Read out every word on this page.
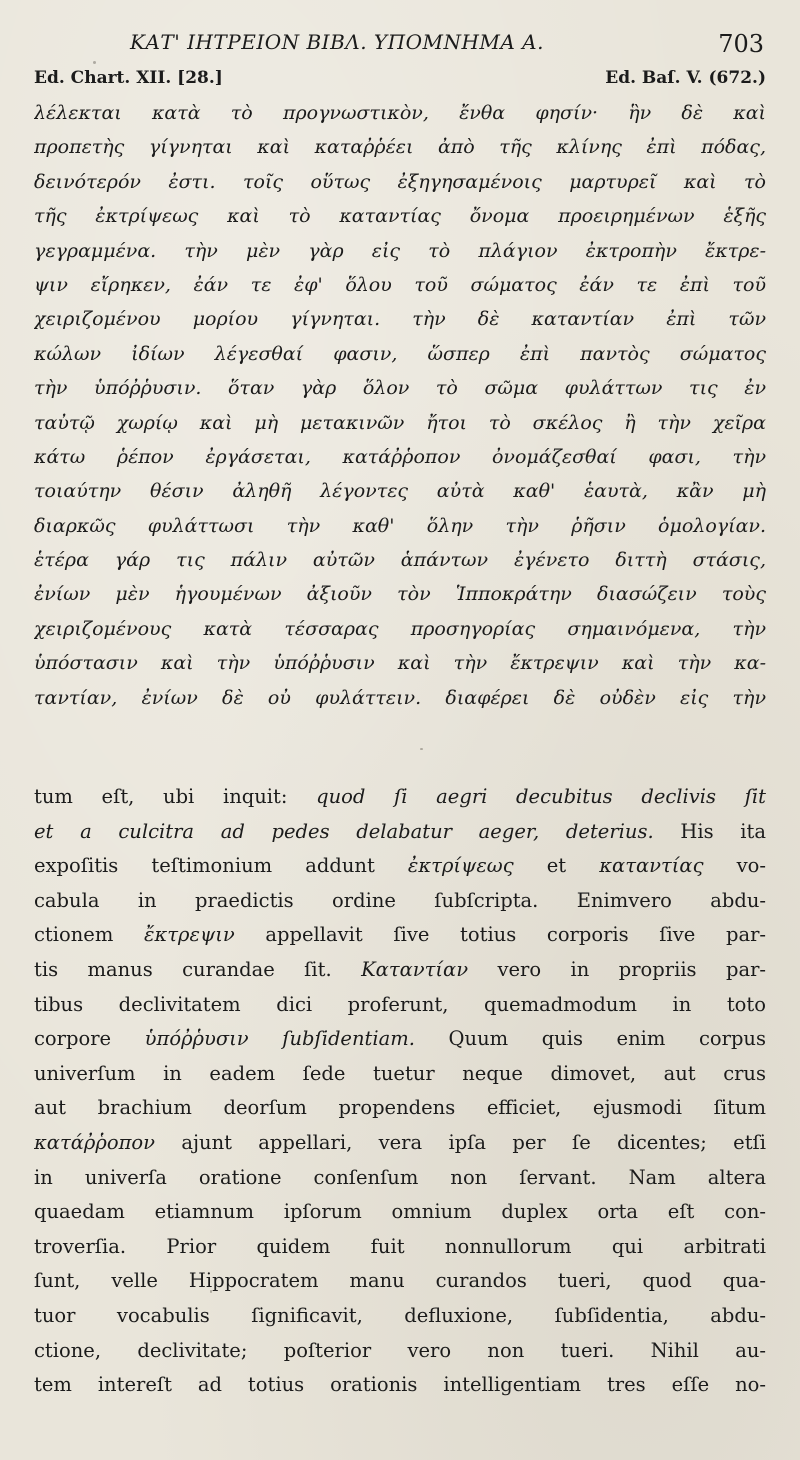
ΚΑΤ' ΙΗΤΡΕΙΟΝ ΒΙΒΛ. ΥΠΟΜΝΗΜΑ Α.	703
Ed. Chart. XII. [28.]	Ed. Baſ. V. (672.)
λέλεκται κατὰ τὸ προγνωστικὸν, ἔνθα φησίν· ἣν δὲ καὶ
προπετὴς γίγνηται καὶ καταῤῥέει ἀπὸ τῆς κλίνης ἐπὶ πόδας,
δεινότερόν ἐστι. τοῖς οὕτως ἐξηγησαμένοις μαρτυρεῖ καὶ τὸ
τῆς ἐκτρίψεως καὶ τὸ καταντίας ὄνομα προειρημένων ἑξῆς
γεγραμμένα. τὴν μὲν γὰρ εἰς τὸ πλάγιον ἐκτροπὴν ἔκτρε-
ψιν εἴρηκεν, ἐάν τε ἐφ' ὅλου τοῦ σώματος ἐάν τε ἐπὶ τοῦ
χειριζομένου μορίου γίγνηται. τὴν δὲ καταντίαν ἐπὶ τῶν
κώλων ἰδίων λέγεσθαί φασιν, ὥσπερ ἐπὶ παντὸς σώματος
τὴν ὑπόῤῥυσιν. ὅταν γὰρ ὅλον τὸ σῶμα φυλάττων τις ἐν
ταὐτῷ χωρίῳ καὶ μὴ μετακινῶν ἤτοι τὸ σκέλος ἢ τὴν χεῖρα
κάτω ῥέπον ἐργάσεται, κατάῤῥοπον ὀνομάζεσθαί φασι, τὴν
τοιαύτην θέσιν ἀληθῆ λέγοντες αὐτὰ καθ' ἑαυτὰ, κἂν μὴ
διαρκῶς φυλάττωσι τὴν καθ' ὅλην τὴν ῥῆσιν ὁμολογίαν.
ἑτέρα γάρ τις πάλιν αὐτῶν ἁπάντων ἐγένετο διττὴ στάσις,
ἐνίων μὲν ἡγουμένων ἀξιοῦν τὸν Ἱπποκράτην διασώζειν τοὺς
χειριζομένους κατὰ τέσσαρας προσηγορίας σημαινόμενα, τὴν
ὑπόστασιν καὶ τὴν ὑπόῤῥυσιν καὶ τὴν ἔκτρεψιν καὶ τὴν κα-
ταντίαν, ἐνίων δὲ οὐ φυλάττειν. διαφέρει δὲ οὐδὲν εἰς τὴν
tum eſt, ubi inquit: quod ſi aegri decubitus declivis ſit
et a culcitra ad pedes delabatur aeger, deterius. His ita
expoſitis teſtimonium addunt ἐκτρίψεως et καταντίας vo-
cabula in praedictis ordine ſubſcripta. Enimvero abdu-
ctionem ἔκτρεψιν appellavit ſive totius corporis ſive par-
tis manus curandae ſit. Καταντίαν vero in propriis par-
tibus declivitatem dici proferunt, quemadmodum in toto
corpore ὑπόῤῥυσιν ſubſidentiam. Quum quis enim corpus
univerſum in eadem ſede tuetur neque dimovet, aut crus
aut brachium deorſum propendens efficiet, ejusmodi ſitum
κατάῤῥοπον ajunt appellari, vera ipſa per ſe dicentes; etſi
in univerſa oratione conſenſum non ſervant. Nam altera
quaedam etiamnum ipſorum omnium duplex orta eſt con-
troverſia. Prior quidem fuit nonnullorum qui arbitrati
ſunt, velle Hippocratem manu curandos tueri, quod qua-
tuor vocabulis ſignificavit, defluxione, ſubſidentia, abdu-
ctione, declivitate; poſterior vero non tueri. Nihil au-
tem intereſt ad totius orationis intelligentiam tres eſſe no-
